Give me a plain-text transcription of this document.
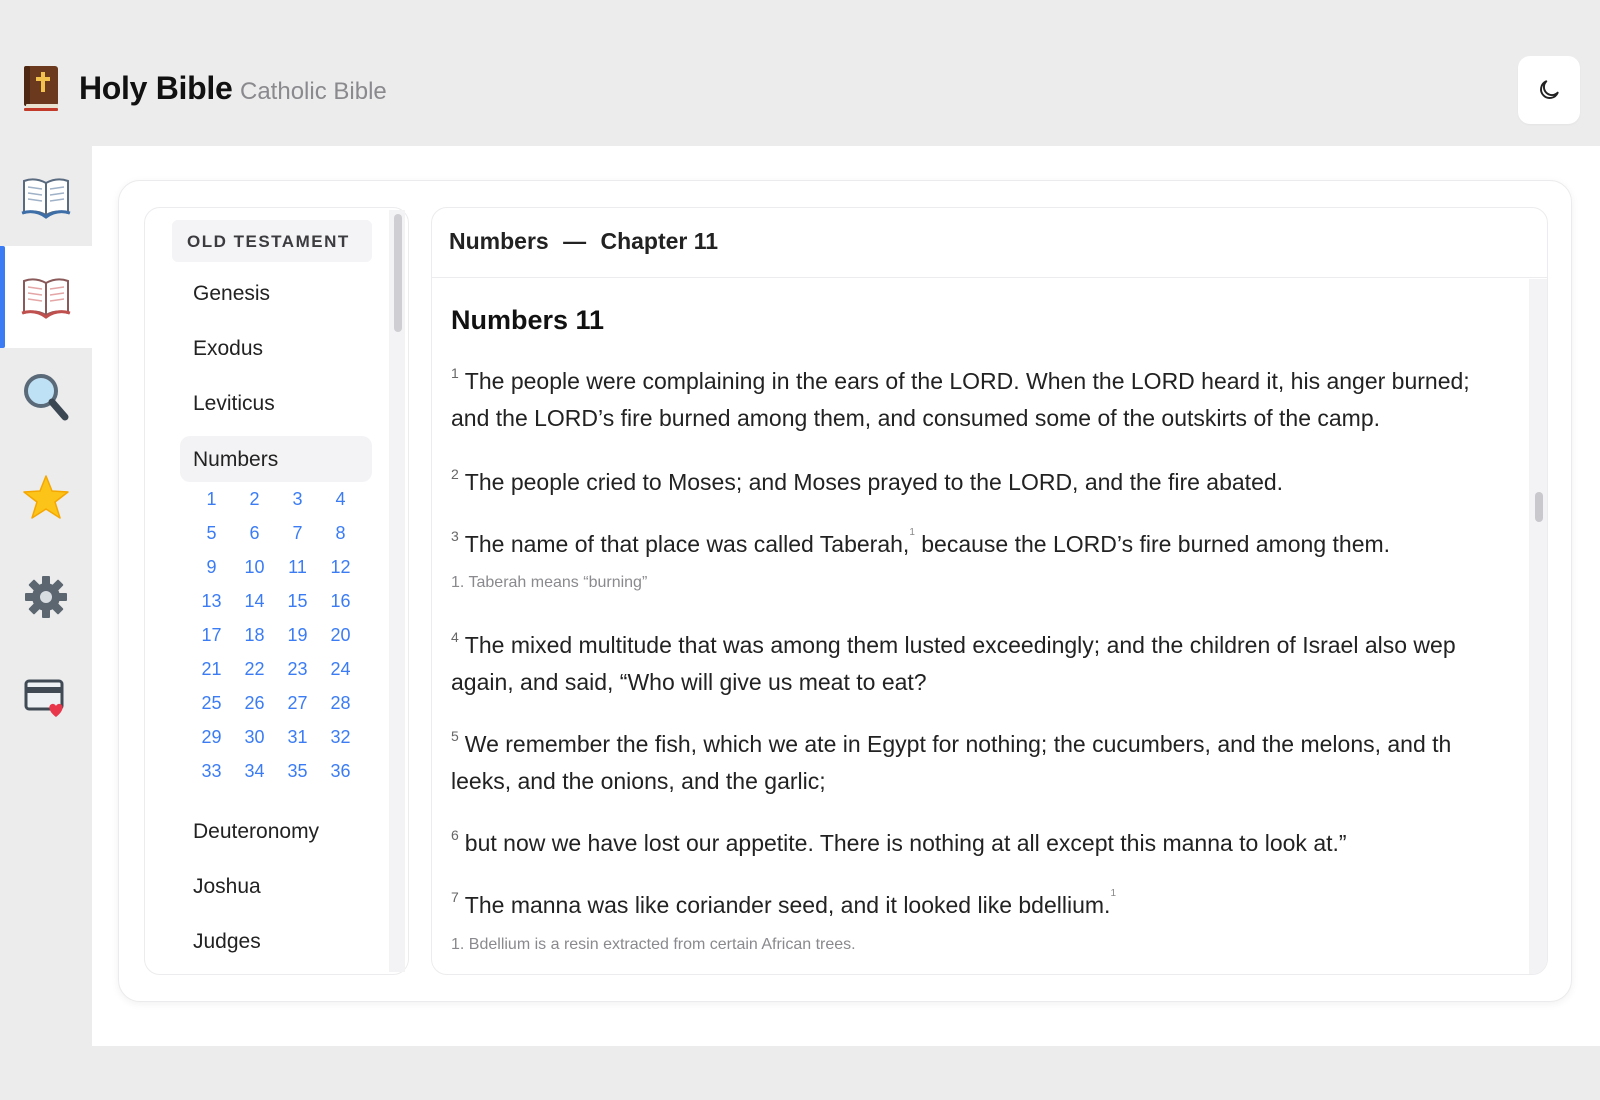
Holy Bible Catholic Bible
OLD TESTAMENT
Genesis
Exodus
Leviticus
Numbers
1	2	3	4
5	6	7	8
9	10	11	12
13	14	15	16
17	18	19	20
21	22	23	24
25	26	27	28
29	30	31	32
33	34	35	36
Deuteronomy
Joshua
Judges
Numbers — Chapter 11
Numbers 11
$^1$ The people were complaining in the ears of the LORD. When the LORD heard it, his anger burned;
and the LORD’s fire burned among them, and consumed some of the outskirts of the camp.
$^2$ The people cried to Moses; and Moses prayed to the LORD, and the fire abated.
$^3$ The name of that place was called Taberah,$^1$ because the LORD’s fire burned among them.
1. Taberah means “burning”
$^4$ The mixed multitude that was among them lusted exceedingly; and the children of Israel also wep
again, and said, “Who will give us meat to eat?
$^5$ We remember the fish, which we ate in Egypt for nothing; the cucumbers, and the melons, and th
leeks, and the onions, and the garlic;
$^6$ but now we have lost our appetite. There is nothing at all except this manna to look at.”
$^7$ The manna was like coriander seed, and it looked like bdellium.$^1$
1. Bdellium is a resin extracted from certain African trees.
